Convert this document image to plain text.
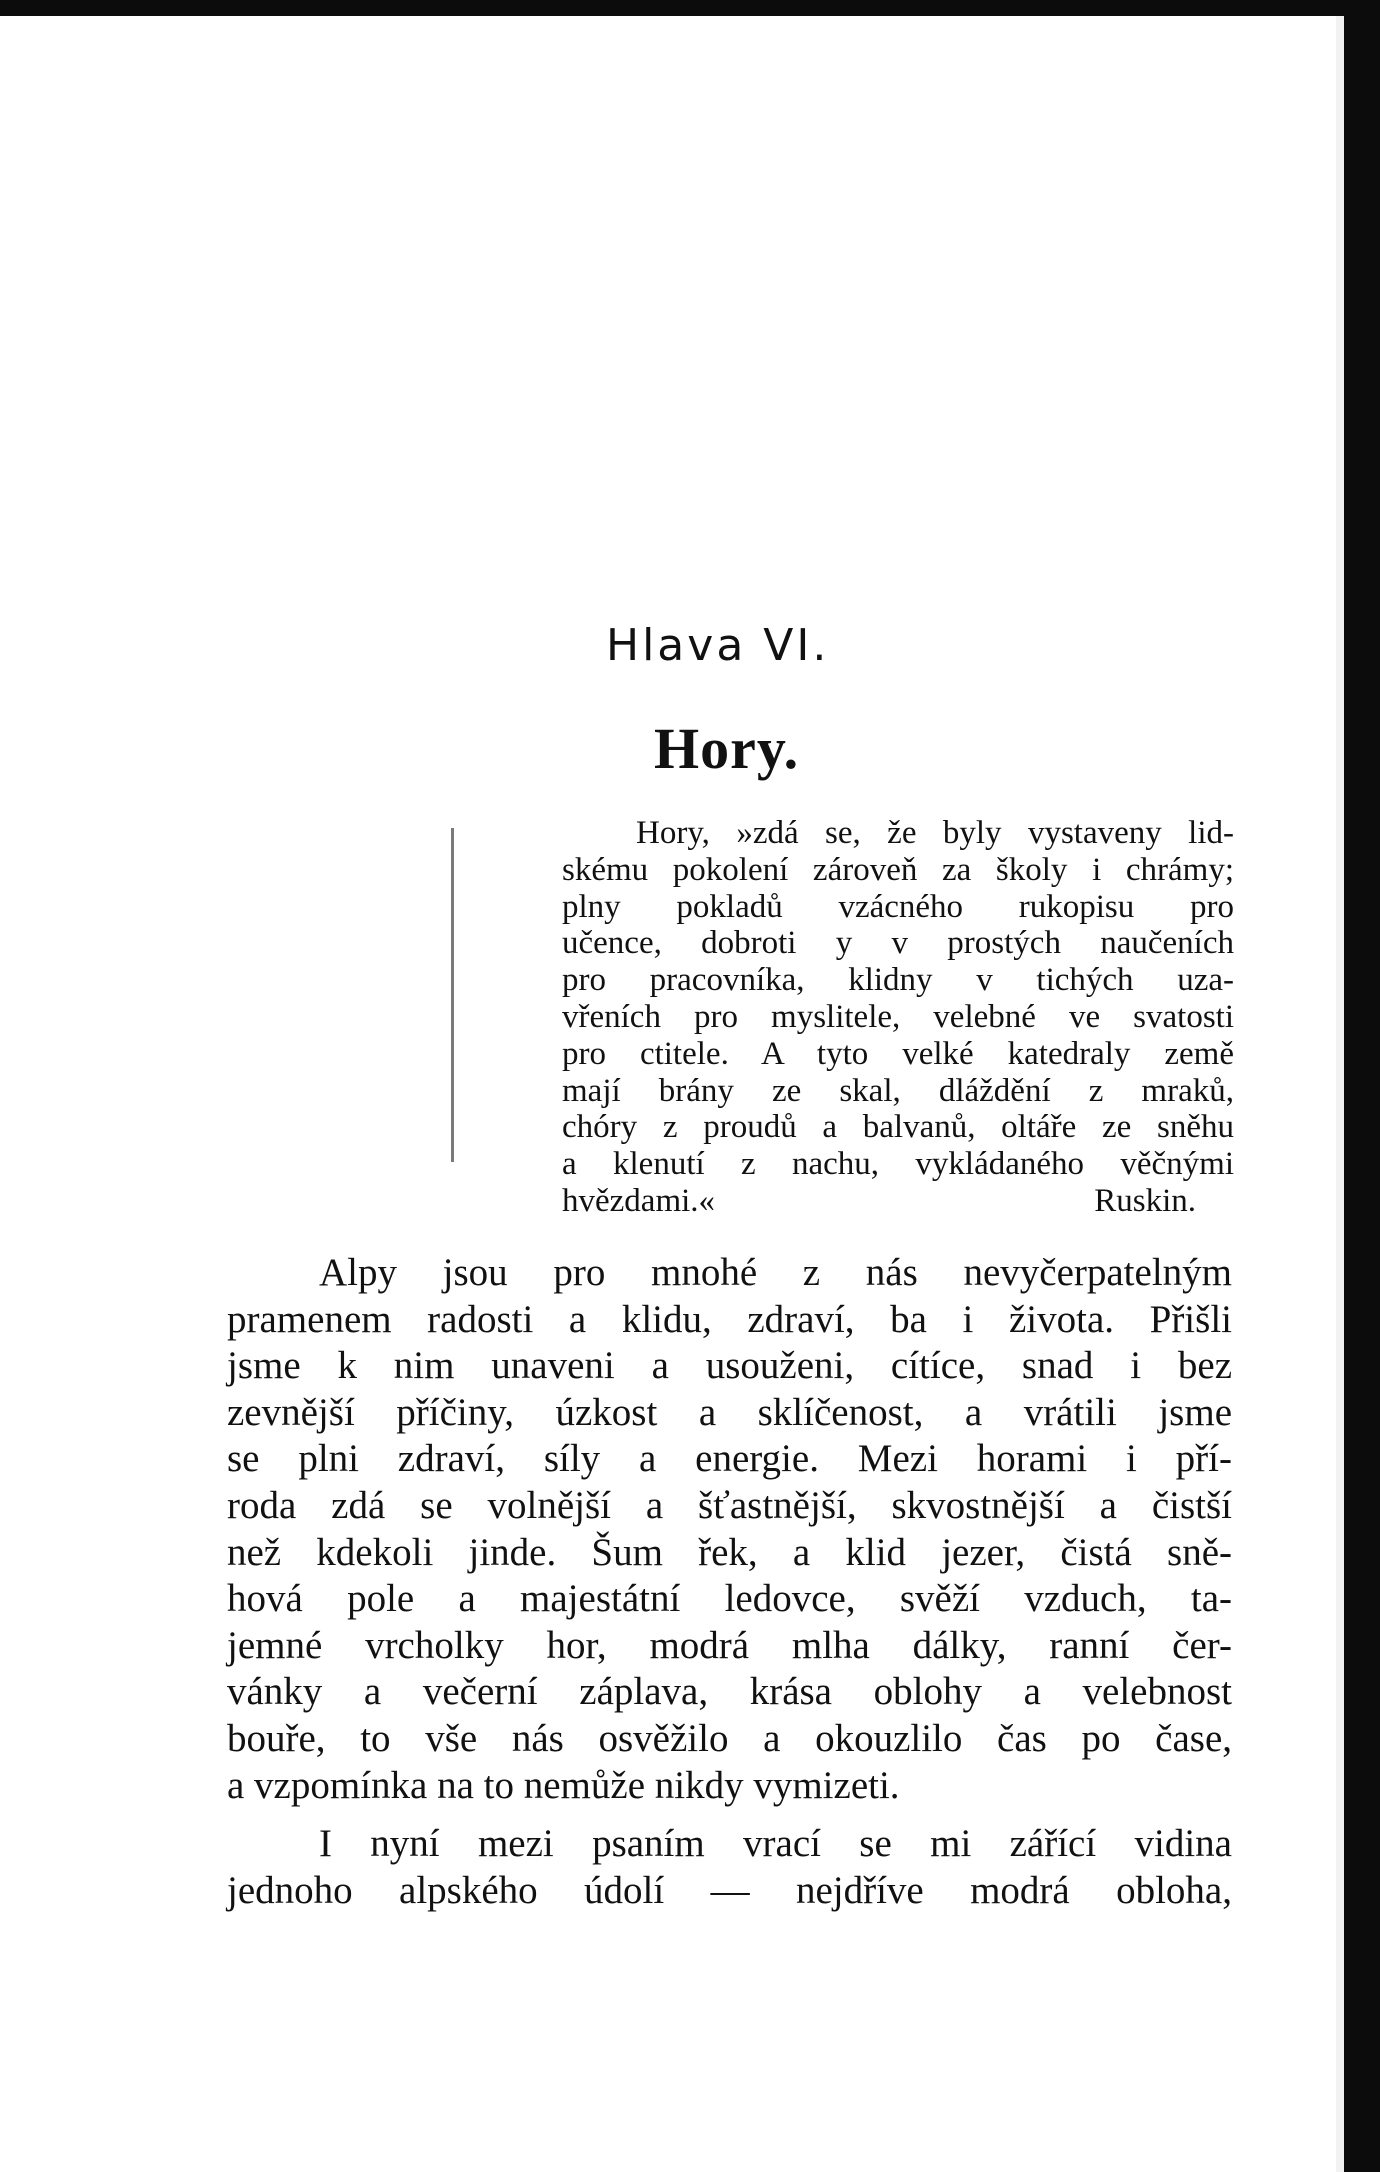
Hlava VI.
Hory.
Hory, »zdá se, že byly vystaveny lid-
skému pokolení zároveň za školy i chrámy;
plny pokladů vzácného rukopisu pro
učence, dobroti y v prostých naučeních
pro pracovníka, klidny v tichých uza-
vřeních pro myslitele, velebné ve svatosti
pro ctitele. A tyto velké katedraly země
mají brány ze skal, dláždění z mraků,
chóry z proudů a balvanů, oltáře ze sněhu
a klenutí z nachu, vykládaného věčnými
hvězdami.«	Ruskin.
Alpy jsou pro mnohé z nás nevyčerpatelným
pramenem radosti a klidu, zdraví, ba i života. Přišli
jsme k nim unaveni a usouženi, cítíce, snad i bez
zevnější příčiny, úzkost a sklíčenost, a vrátili jsme
se plni zdraví, síly a energie. Mezi horami i pří-
roda zdá se volnější a šťastnější, skvostnější a čistší
než kdekoli jinde. Šum řek, a klid jezer, čistá sně-
hová pole a majestátní ledovce, svěží vzduch, ta-
jemné vrcholky hor, modrá mlha dálky, ranní čer-
vánky a večerní záplava, krása oblohy a velebnost
bouře, to vše nás osvěžilo a okouzlilo čas po čase,
a vzpomínka na to nemůže nikdy vymizeti.
I nyní mezi psaním vrací se mi zářící vidina
jednoho alpského údolí — nejdříve modrá obloha,
